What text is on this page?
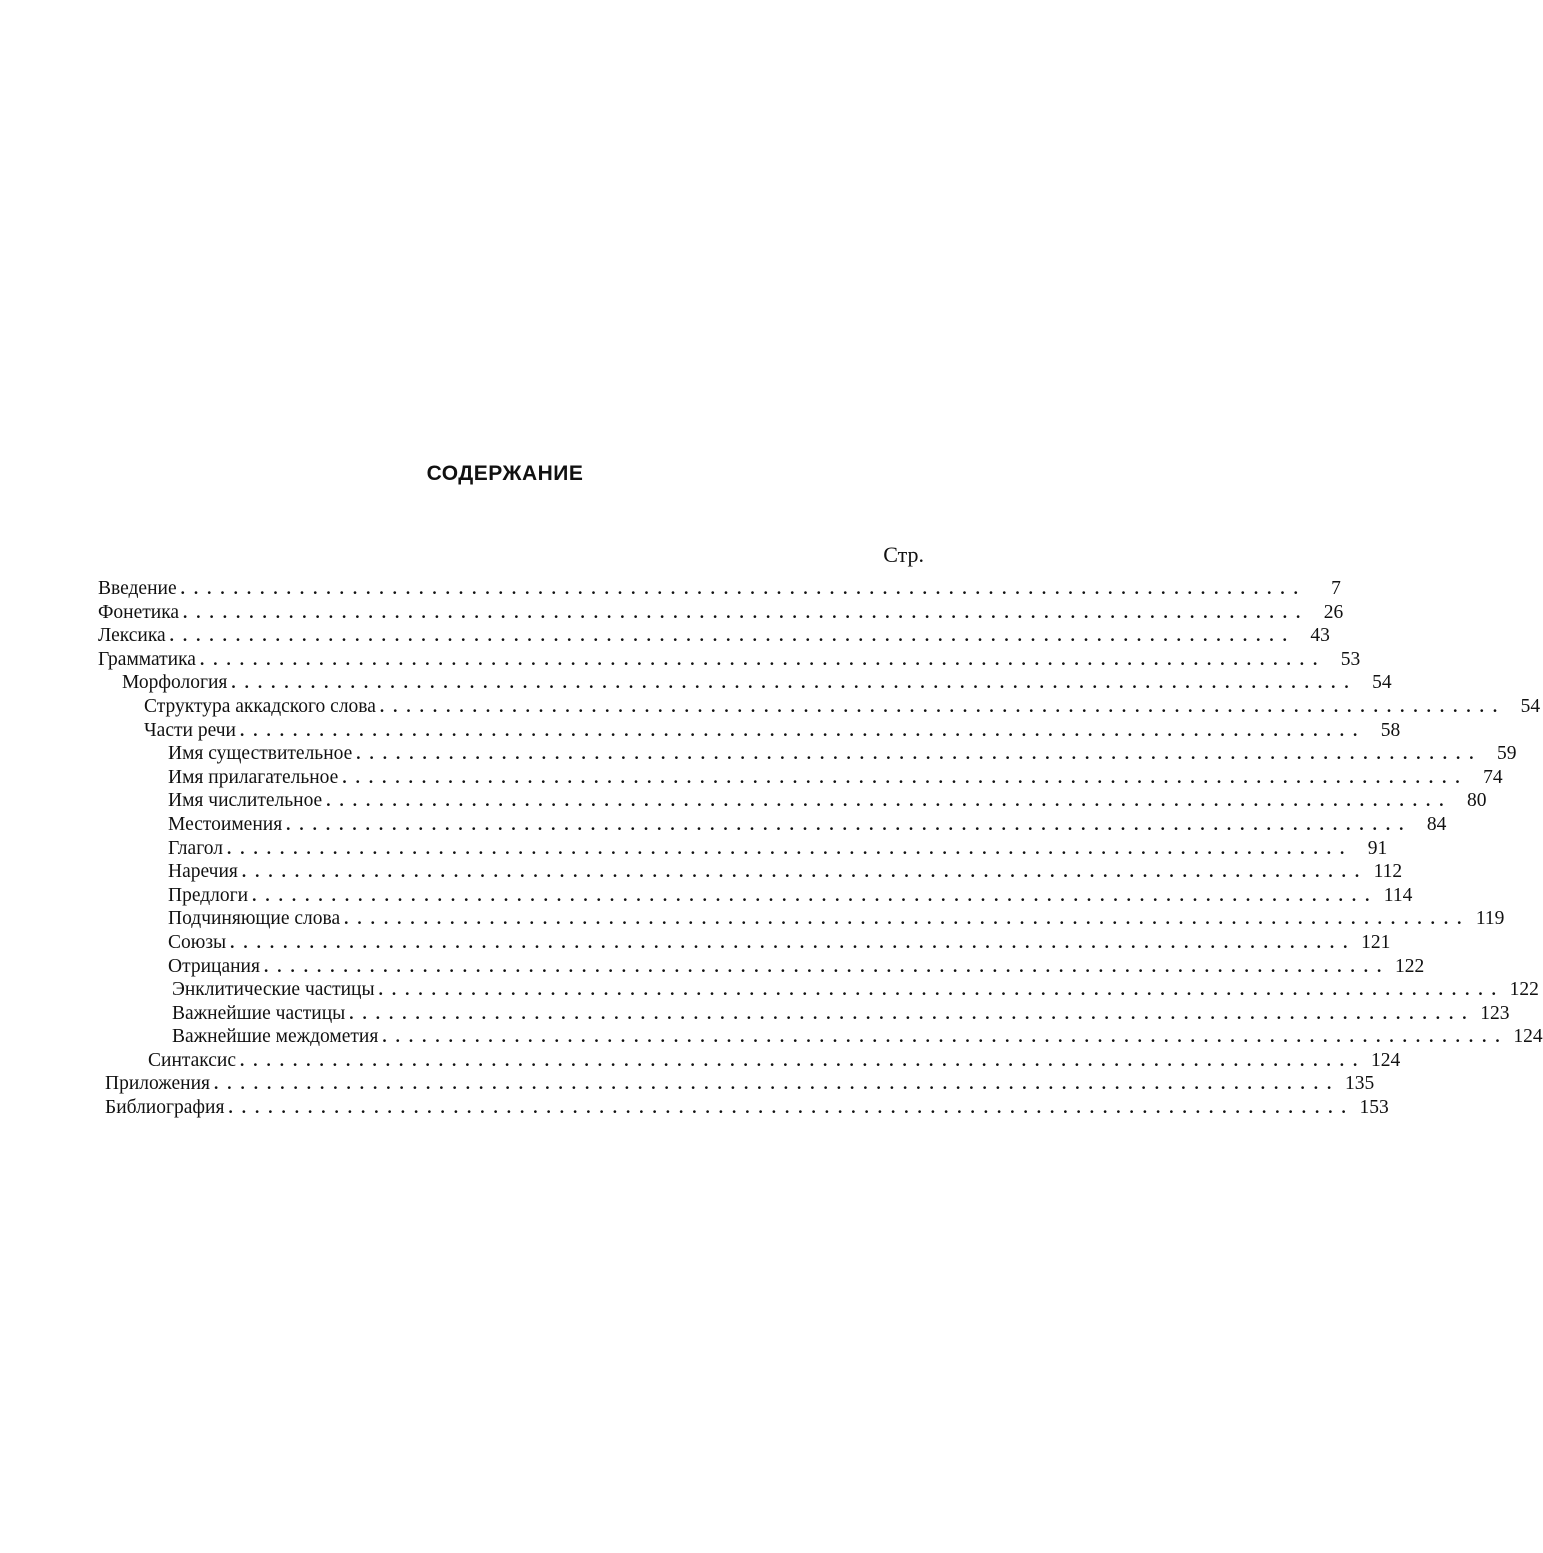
СОДЕРЖАНИЕ
Стр.
Введение .....................................................................................	7
Фонетика ..................................................................................... 26
Лексика ..................................................................................... 43
Грамматика ..................................................................................... 53
Морфология ..................................................................................... 54
Структура аккадского слова ..................................................................................... 54
Части речи ..................................................................................... 58
Имя существительное ..................................................................................... 59
Имя прилагательное ..................................................................................... 74
Имя числительное ..................................................................................... 80
Местоимения ..................................................................................... 84
Глагол ..................................................................................... 91
Наречия ..................................................................................... 112
Предлоги ..................................................................................... 114
Подчиняющие слова ..................................................................................... 119
Союзы ..................................................................................... 121
Отрицания ..................................................................................... 122
Энклитические частицы ..................................................................................... 122
Важнейшие частицы ..................................................................................... 123
Важнейшие междометия ..................................................................................... 124
Синтаксис ..................................................................................... 124
Приложения ..................................................................................... 135
Библиография ..................................................................................... 153
